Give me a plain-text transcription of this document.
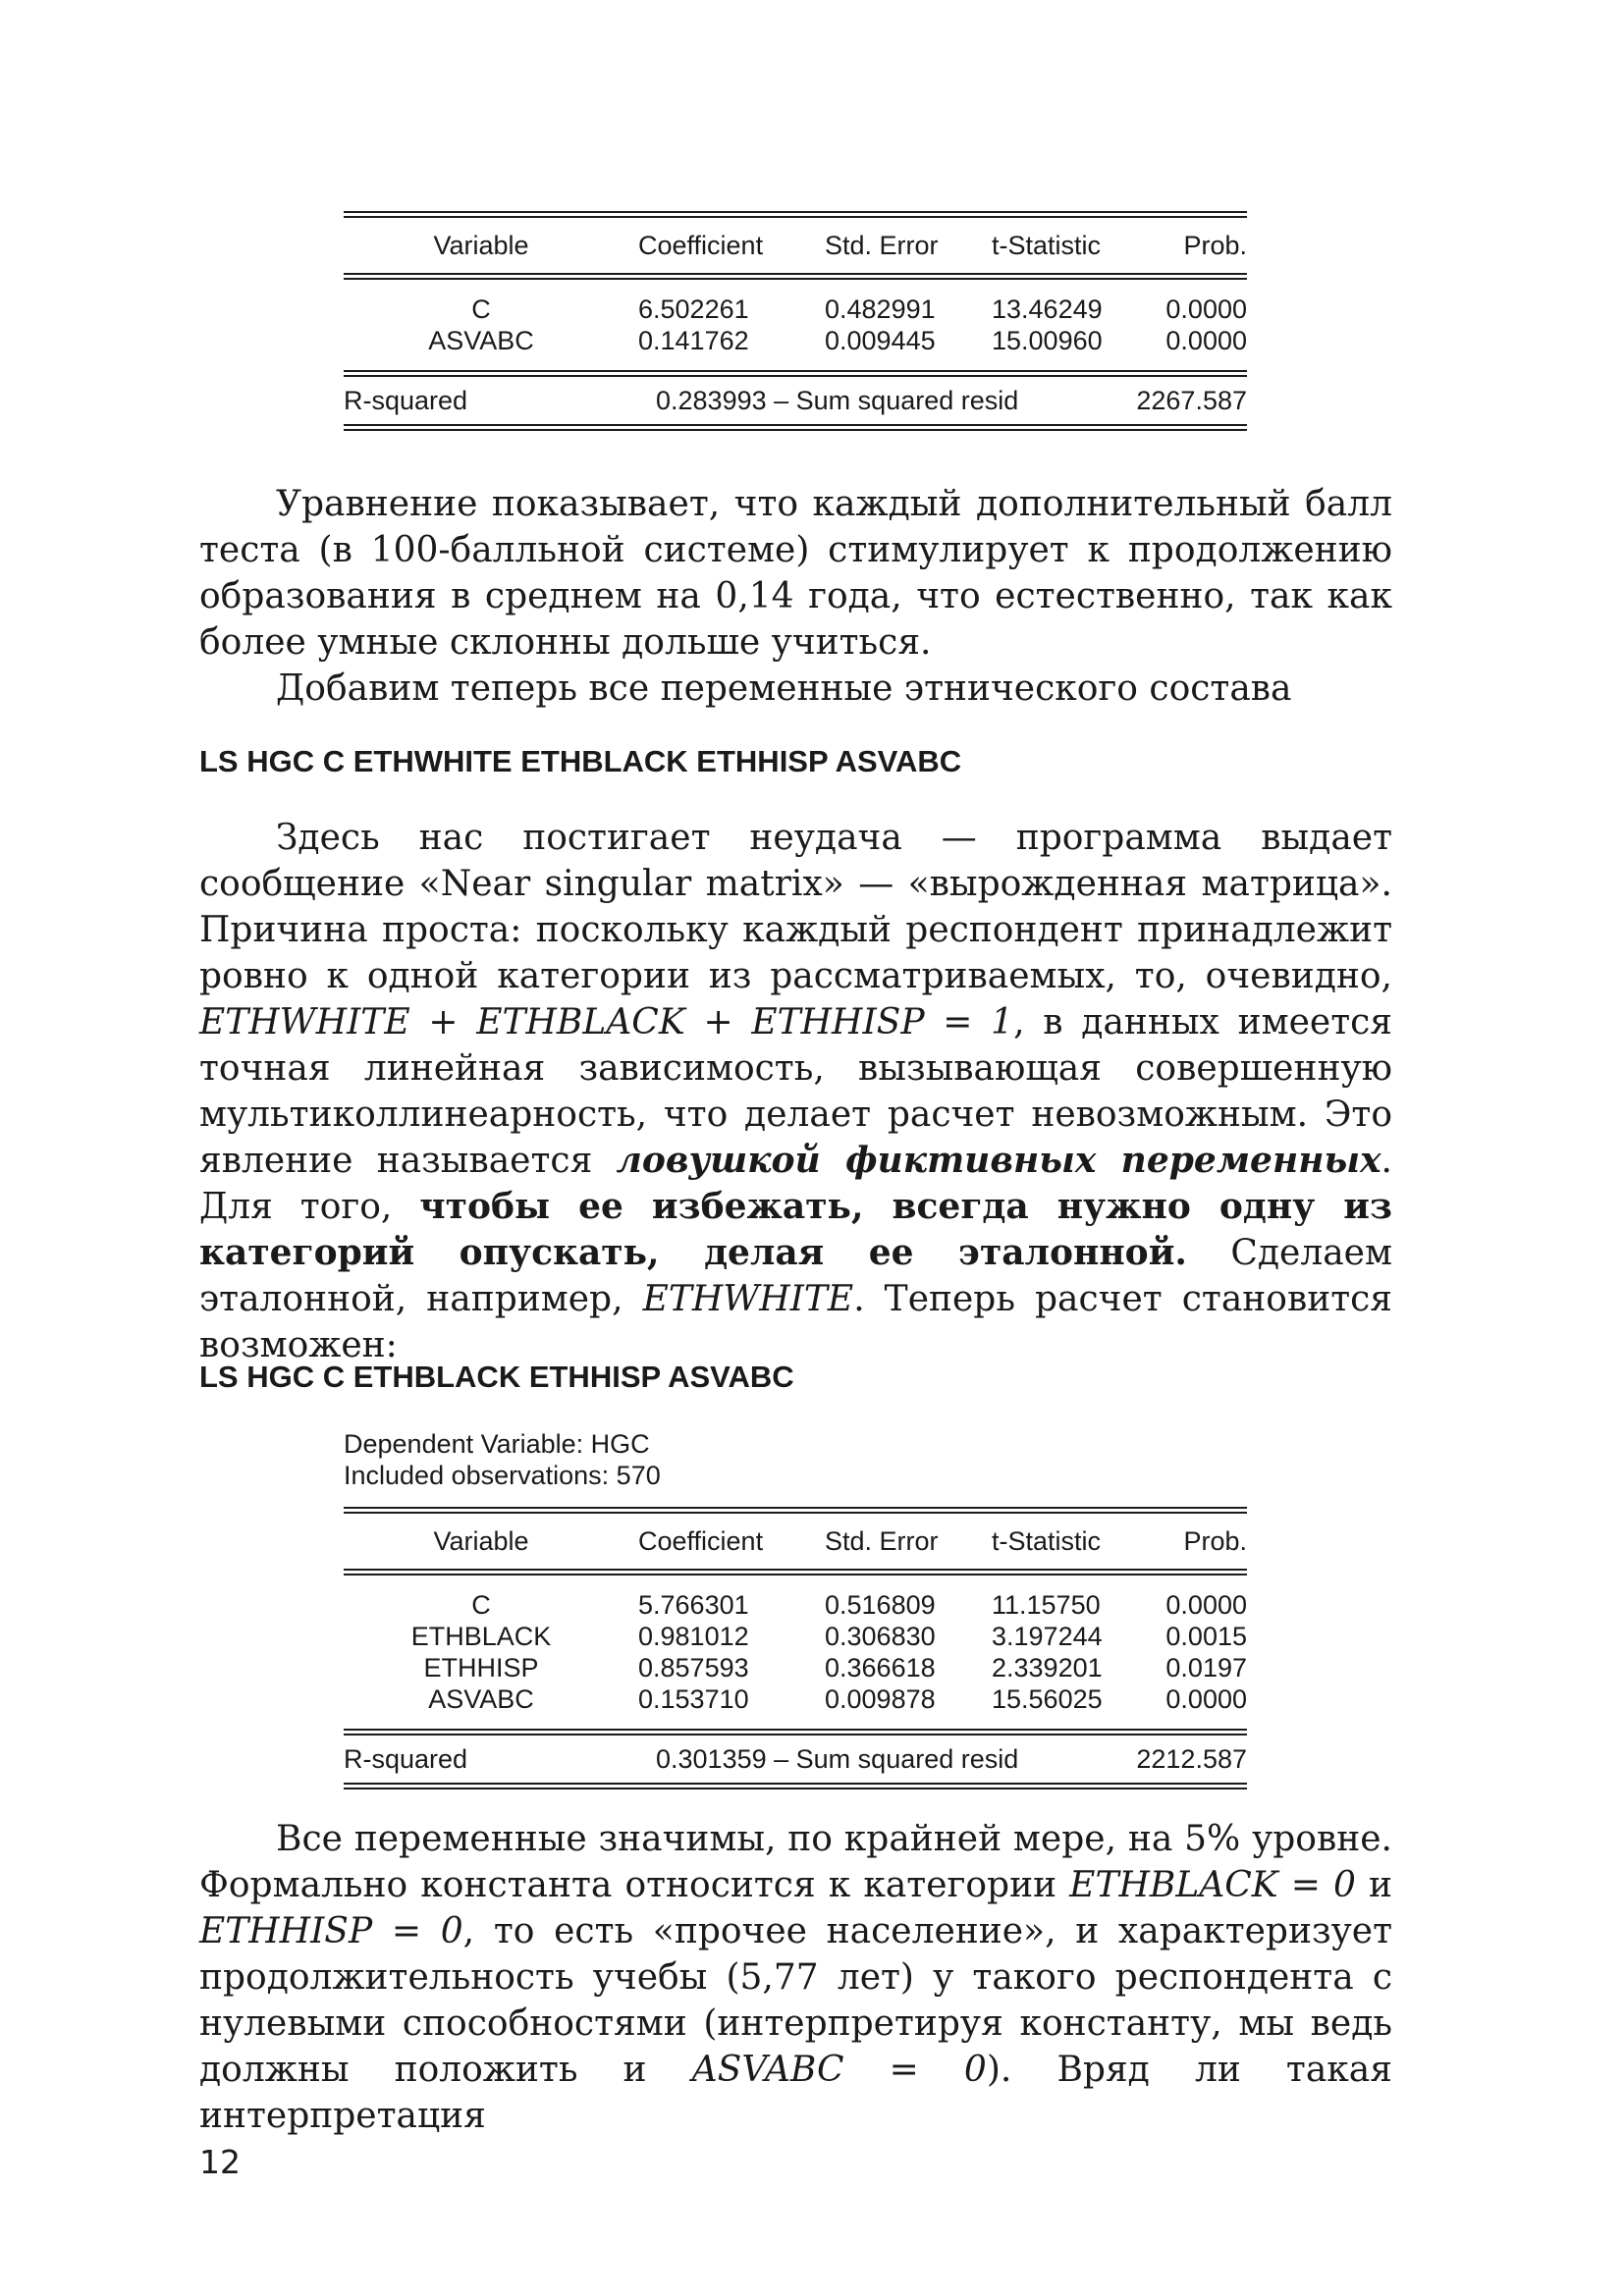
Variable	Coefficient	Std. Error	t-Statistic	Prob.
C	6.502261	0.482991	13.46249	0.0000
ASVABC	0.141762	0.009445	15.00960	0.0000
R-squared	0.283993 – Sum squared resid	2267.587

Уравнение показывает, что каждый дополнительный балл теста (в 100-балльной системе) стимулирует к продолжению образования в среднем на 0,14 года, что естественно, так как более умные склонны дольше учиться.

Добавим теперь все переменные этнического состава

LS HGC C ETHWHITE ETHBLACK ETHHISP ASVABC

Здесь нас постигает неудача — программа выдает сообщение «Near singular matrix» — «вырожденная матрица». Причина проста: поскольку каждый респондент принадлежит ровно к одной категории из рассматриваемых, то, очевидно, ETHWHITE + ETHBLACK + ETHHISP = 1, в данных имеется точная линейная зависимость, вызывающая совершенную мультиколлинеарность, что делает расчет невозможным. Это явление называется ловушкой фиктивных переменных. Для того, чтобы ее избежать, всегда нужно одну из категорий опускать, делая ее эталонной. Сделаем эталонной, например, ETHWHITE. Теперь расчет становится возможен:

LS HGC C ETHBLACK ETHHISP ASVABC
Dependent Variable: HGC
Included observations: 570
Variable	Coefficient	Std. Error	t-Statistic	Prob.
C	5.766301	0.516809	11.15750	0.0000
ETHBLACK	0.981012	0.306830	3.197244	0.0015
ETHHISP	0.857593	0.366618	2.339201	0.0197
ASVABC	0.153710	0.009878	15.56025	0.0000
R-squared	0.301359 – Sum squared resid	2212.587

Все переменные значимы, по крайней мере, на 5% уровне. Формально константа относится к категории ETHBLACK = 0 и ETHHISP = 0, то есть «прочее население», и характеризует продолжительность учебы (5,77 лет) у такого респондента с нулевыми способностями (интерпретируя константу, мы ведь должны положить и ASVABC = 0). Вряд ли такая интерпретация

12
